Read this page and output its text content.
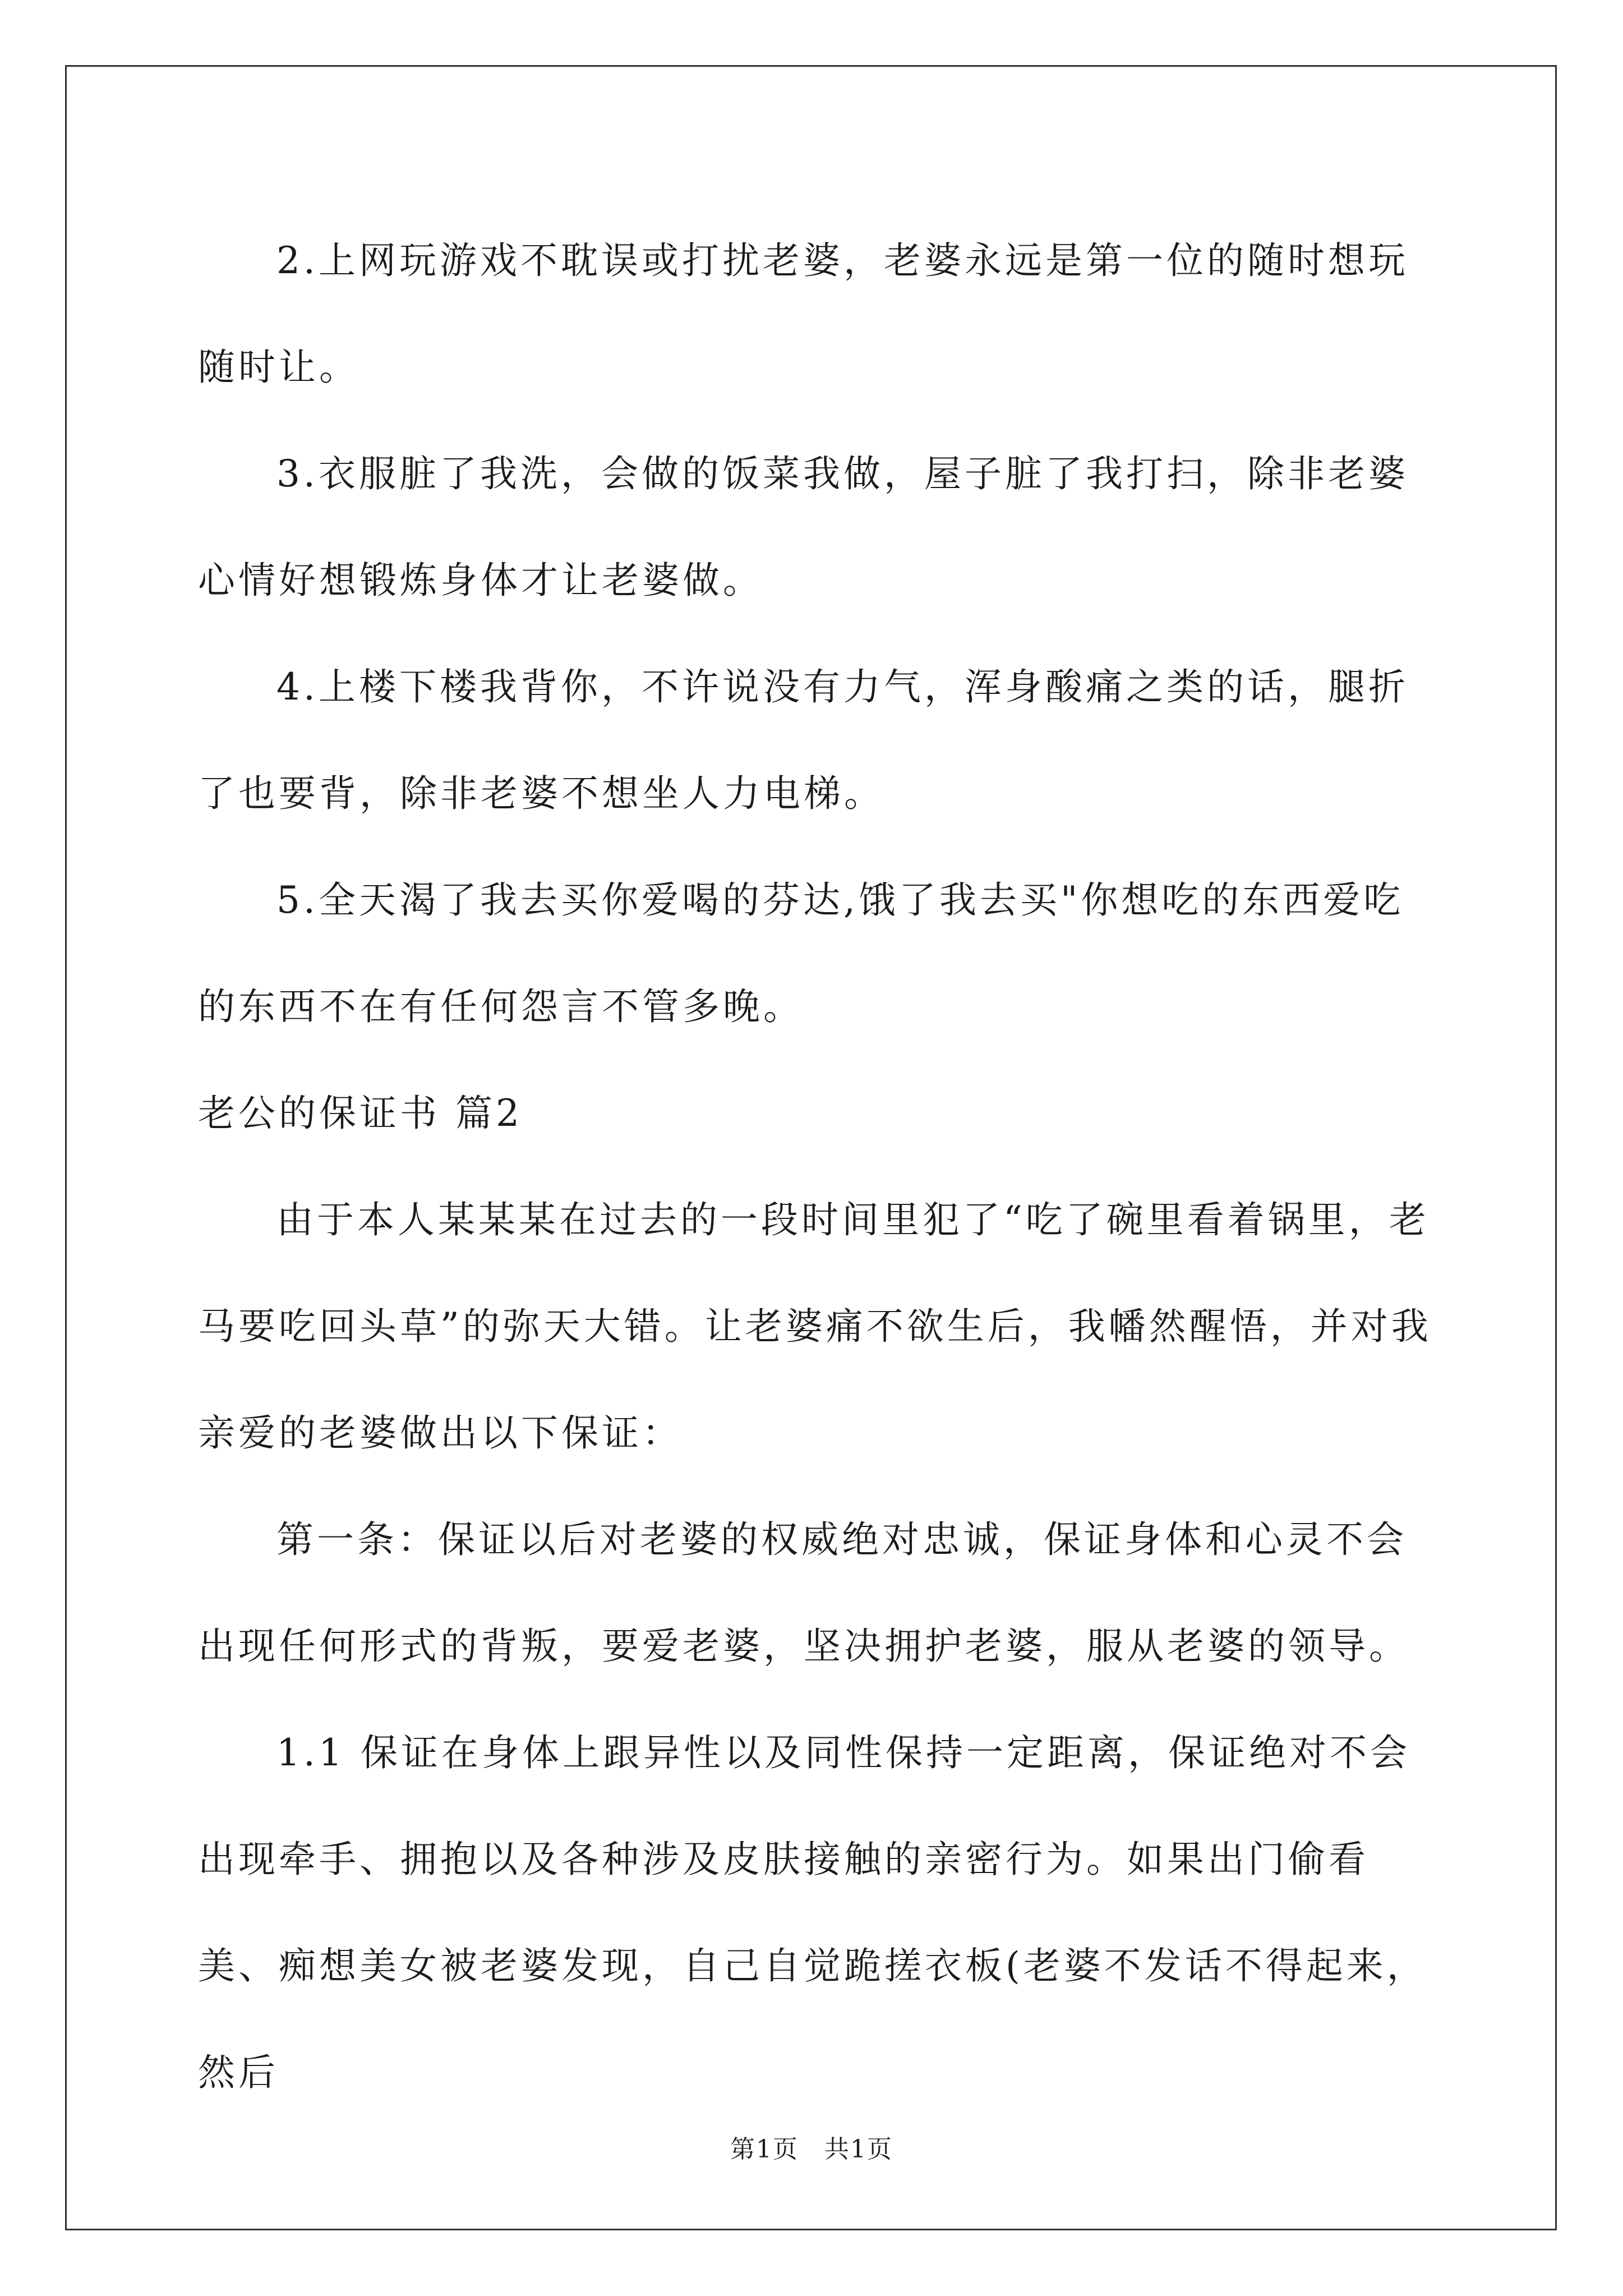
2.上网玩游戏不耽误或打扰老婆，老婆永远是第一位的随时想玩随时让。

3.衣服脏了我洗，会做的饭菜我做，屋子脏了我打扫，除非老婆心情好想锻炼身体才让老婆做。

4.上楼下楼我背你，不许说没有力气，浑身酸痛之类的话，腿折了也要背，除非老婆不想坐人力电梯。

5.全天渴了我去买你爱喝的芬达,饿了我去买"你想吃的东西爱吃的东西不在有任何怨言不管多晚。

老公的保证书 篇2

由于本人某某某在过去的一段时间里犯了“吃了碗里看着锅里，老马要吃回头草”的弥天大错。让老婆痛不欲生后，我幡然醒悟，并对我亲爱的老婆做出以下保证：

第一条：保证以后对老婆的权威绝对忠诚，保证身体和心灵不会出现任何形式的背叛，要爱老婆，坚决拥护老婆，服从老婆的领导。

1.1 保证在身体上跟异性以及同性保持一定距离，保证绝对不会出现牵手、拥抱以及各种涉及皮肤接触的亲密行为。如果出门偷看美、痴想美女被老婆发现，自己自觉跪搓衣板(老婆不发话不得起来，然后

第1页　共1页
